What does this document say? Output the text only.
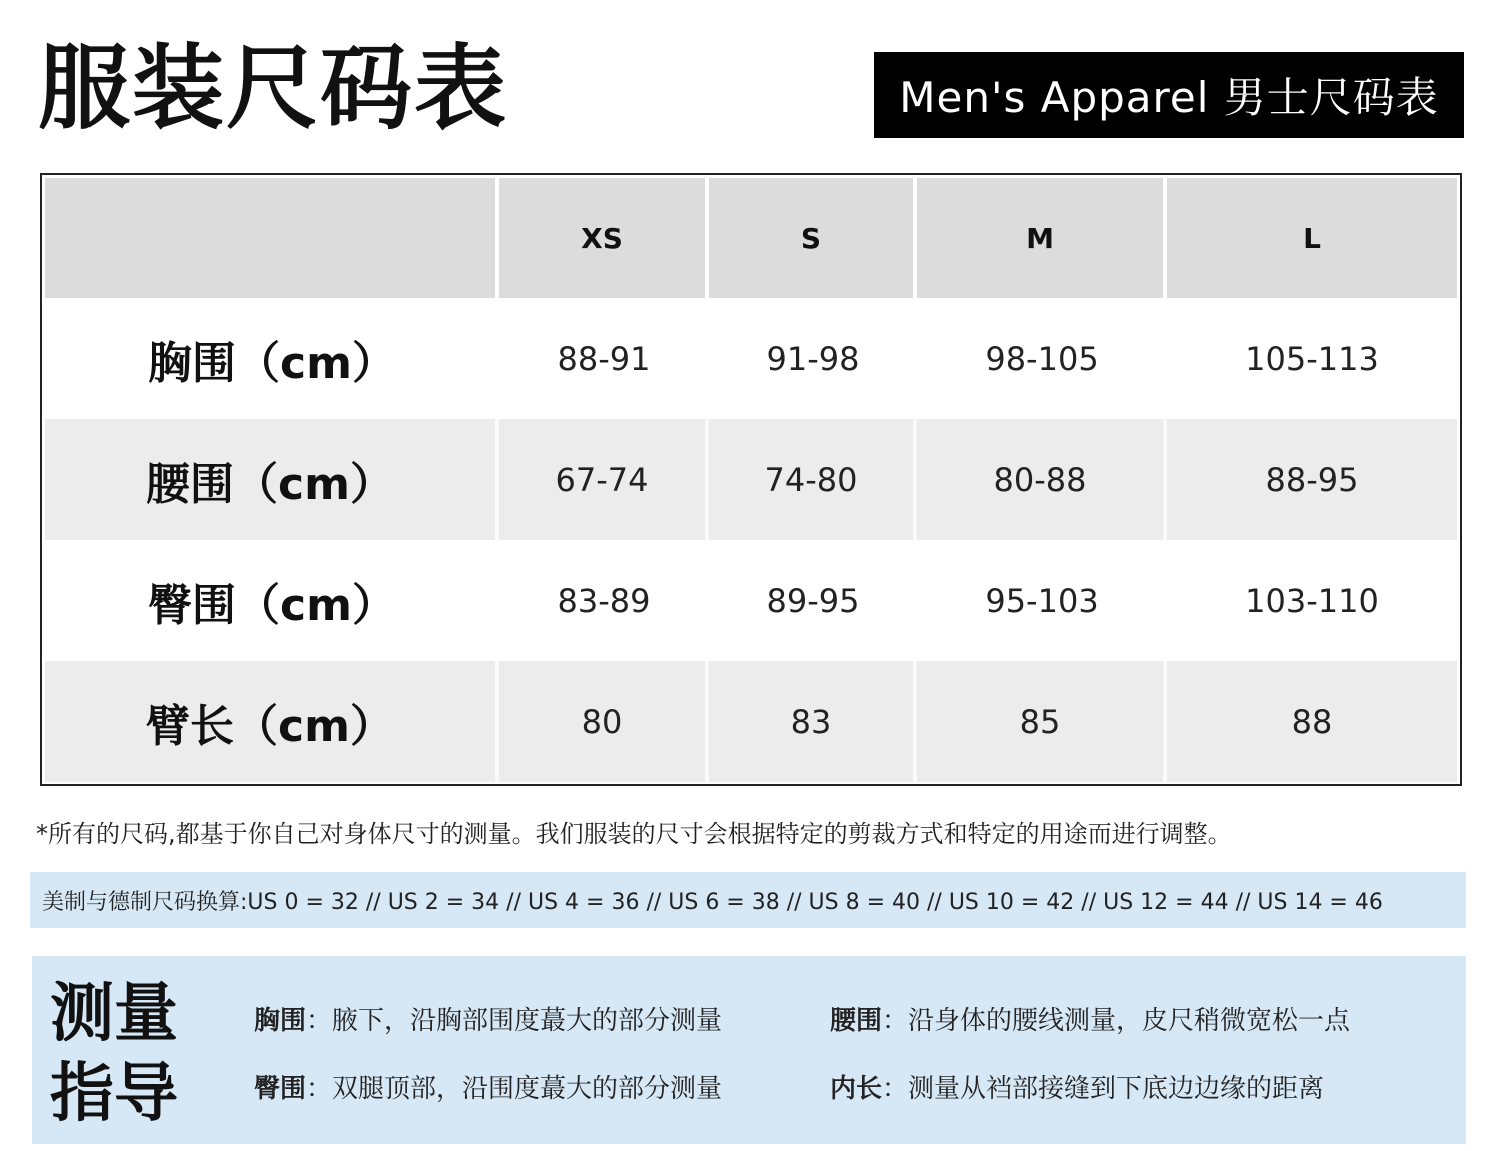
服装尺码表	Men's Apparel 男士尺码表
	XS	S	M	L
胸围（cm）	88-91	91-98	98-105	105-113
腰围（cm）	67-74	74-80	80-88	88-95
臀围（cm）	83-89	89-95	95-103	103-110
臂长（cm）	80	83	85	88
*所有的尺码,都基于你自己对身体尺寸的测量。我们服装的尺寸会根据特定的剪裁方式和特定的用途而进行调整。
美制与德制尺码换算:US 0 = 32 // US 2 = 34 // US 4 = 36 // US 6 = 38 // US 8 = 40 // US 10 = 42 // US 12 = 44 // US 14 = 46
测量
指导
胸围：腋下，沿胸部围度蕞大的部分测量	腰围：沿身体的腰线测量，皮尺稍微宽松一点
臀围：双腿顶部，沿围度蕞大的部分测量	内长：测量从裆部接缝到下底边边缘的距离
